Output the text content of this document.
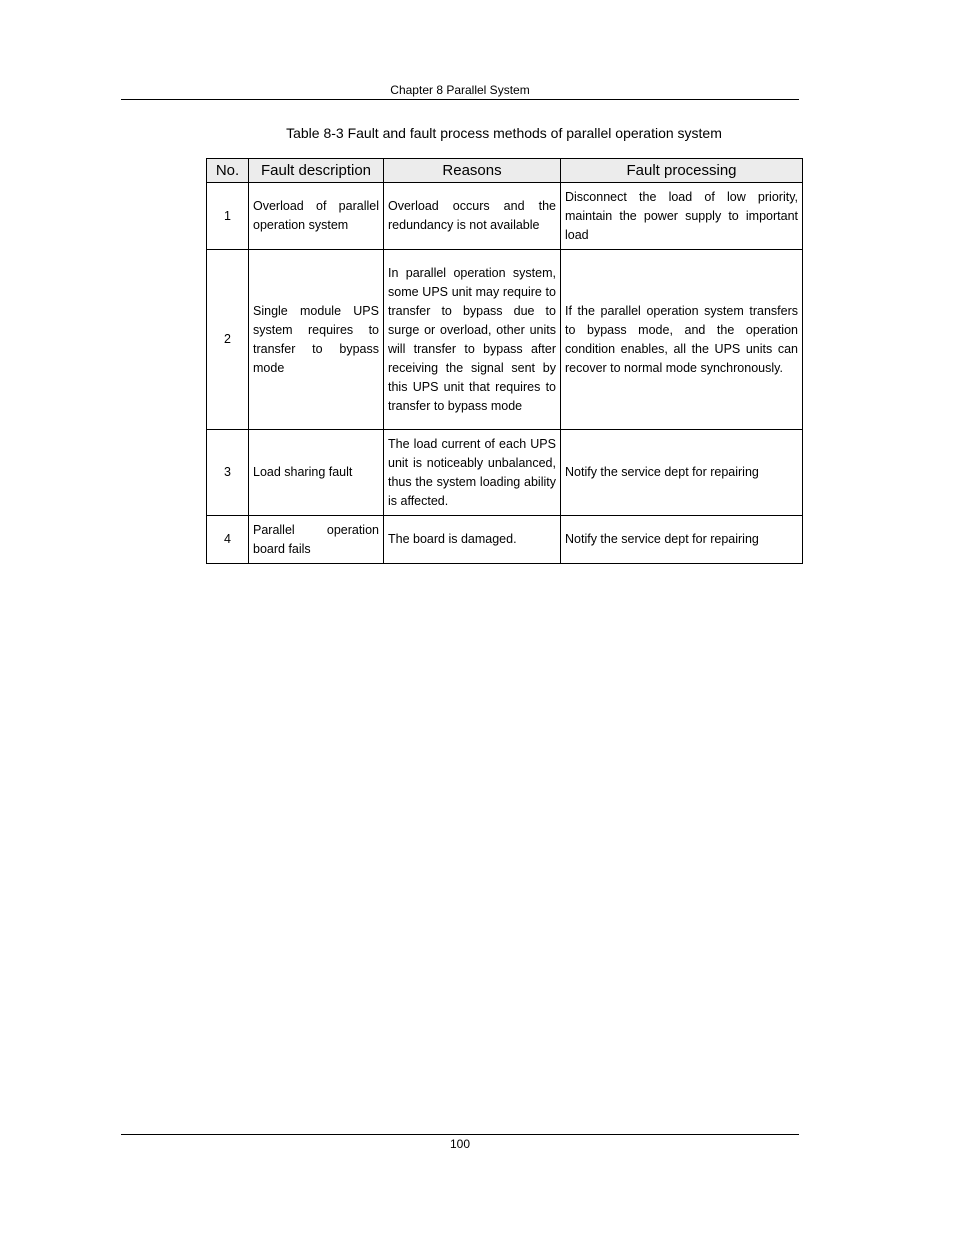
Chapter 8 Parallel System
Table 8-3 Fault and fault process methods of parallel operation system
No.	Fault description	Reasons	Fault processing
1	Overload of parallel operation system	Overload occurs and the redundancy is not available	Disconnect the load of low priority, maintain the power supply to important load
2	Single module UPS system requires to transfer to bypass mode	In parallel operation system, some UPS unit may require to transfer to bypass due to surge or overload, other units will transfer to bypass after receiving the signal sent by this UPS unit that requires to transfer to bypass mode	If the parallel operation system transfers to bypass mode, and the operation condition enables, all the UPS units can recover to normal mode synchronously.
3	Load sharing fault	The load current of each UPS unit is noticeably unbalanced, thus the system loading ability is affected.	Notify the service dept for repairing
4	Parallel operation board fails	The board is damaged.	Notify the service dept for repairing
100
